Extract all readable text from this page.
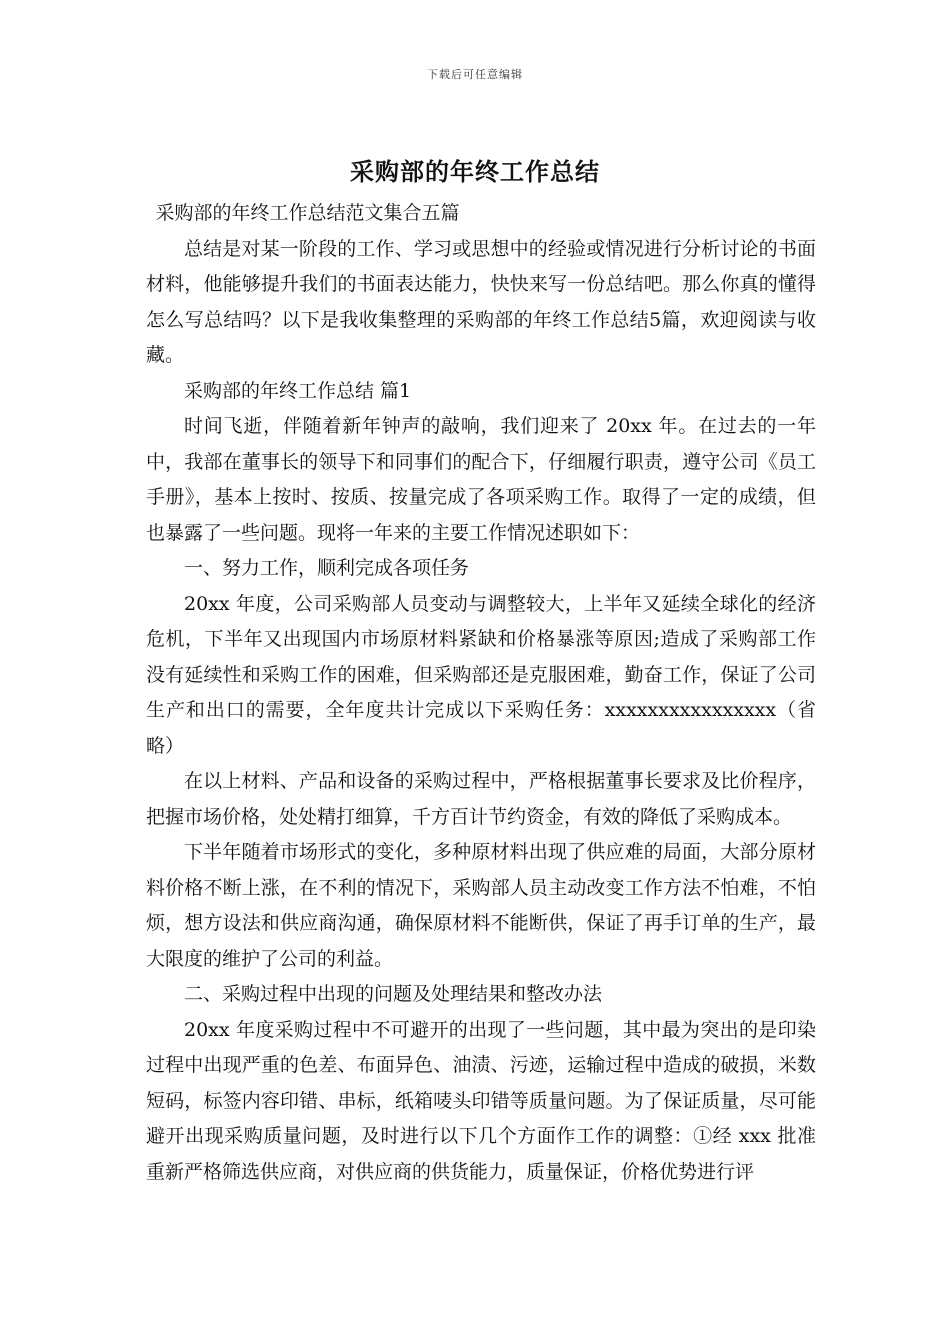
下载后可任意编辑
采购部的年终工作总结

采购部的年终工作总结范文集合五篇

总结是对某一阶段的工作、学习或思想中的经验或情况进行分析讨论的书面材料，他能够提升我们的书面表达能力，快快来写一份总结吧。那么你真的懂得怎么写总结吗？以下是我收集整理的采购部的年终工作总结5篇，欢迎阅读与收藏。

采购部的年终工作总结 篇1

时间飞逝，伴随着新年钟声的敲响，我们迎来了 20xx 年。在过去的一年中，我部在董事长的领导下和同事们的配合下，仔细履行职责，遵守公司《员工手册》，基本上按时、按质、按量完成了各项采购工作。取得了一定的成绩，但也暴露了一些问题。现将一年来的主要工作情况述职如下：

一、努力工作，顺利完成各项任务

20xx 年度，公司采购部人员变动与调整较大，上半年又延续全球化的经济危机，下半年又出现国内市场原材料紧缺和价格暴涨等原因;造成了采购部工作没有延续性和采购工作的困难，但采购部还是克服困难，勤奋工作，保证了公司生产和出口的需要，全年度共计完成以下采购任务：xxxxxxxxxxxxxxxx（省略）

在以上材料、产品和设备的采购过程中，严格根据董事长要求及比价程序，把握市场价格，处处精打细算，千方百计节约资金，有效的降低了采购成本。

下半年随着市场形式的变化，多种原材料出现了供应难的局面，大部分原材料价格不断上涨，在不利的情况下，采购部人员主动改变工作方法不怕难，不怕烦，想方设法和供应商沟通，确保原材料不能断供，保证了再手订单的生产，最大限度的维护了公司的利益。

二、采购过程中出现的问题及处理结果和整改办法

20xx 年度采购过程中不可避开的出现了一些问题，其中最为突出的是印染过程中出现严重的色差、布面异色、油渍、污迹，运输过程中造成的破损，米数短码，标签内容印错、串标，纸箱唛头印错等质量问题。为了保证质量，尽可能避开出现采购质量问题，及时进行以下几个方面作工作的调整：①经 xxx 批准重新严格筛选供应商，对供应商的供货能力，质量保证，价格优势进行评
